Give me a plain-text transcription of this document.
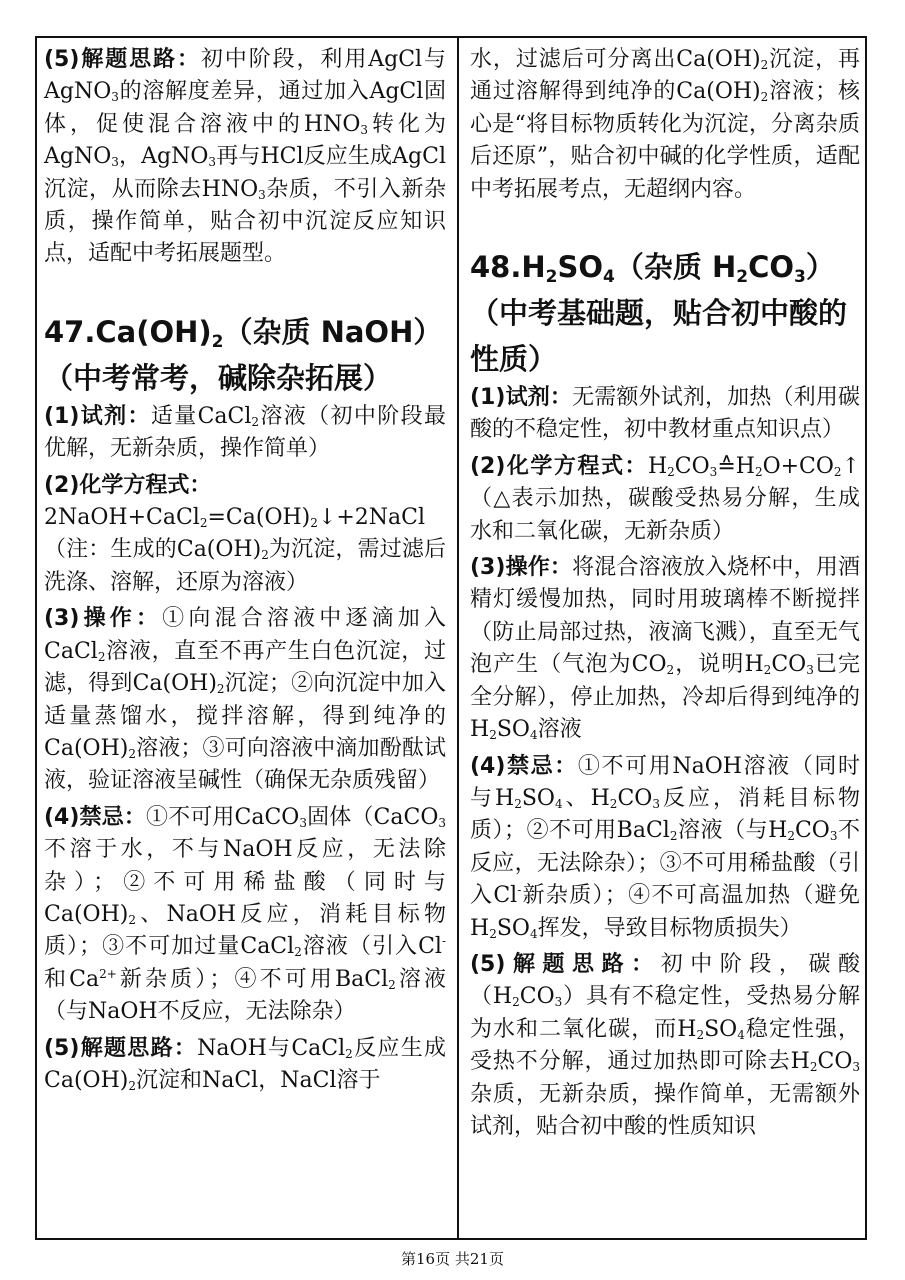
(5)解题思路：初中阶段，利用AgCl与AgNO$_3$的溶解度差异，通过加入AgCl固体，促使混合溶液中的$HNO_3$转化为AgNO$_3$，AgNO$_3$再与HCl反应生成AgCl沉淀，从而除去$HNO_3$杂质，不引入新杂质，操作简单，贴合初中沉淀反应知识点，适配中考拓展题型。

$47.Ca(OH)_2$（杂质 NaOH）
（中考常考，碱除杂拓展）

(1)试剂：适量CaCl$_2$溶液（初中阶段最优解，无新杂质，操作简单）

(2)化学方程式：
$2NaOH+CaCl_2=Ca(OH)_2↓+2NaCl$（注：生成的$Ca(OH)_2$为沉淀，需过滤后洗涤、溶解，还原为溶液）

(3)操作：①向混合溶液中逐滴加入CaCl$_2$溶液，直至不再产生白色沉淀，过滤，得到$Ca(OH)_2$沉淀；②向沉淀中加入适量蒸馏水，搅拌溶解，得到纯净的$Ca(OH)_2$溶液；③可向溶液中滴加酚酞试液，验证溶液呈碱性（确保无杂质残留）

(4)禁忌：①不可用CaCO$_3$固体（CaCO$_3$不溶于水，不与NaOH反应，无法除杂）；②不可用稀盐酸（同时与$Ca(OH)_2$、NaOH反应，消耗目标物质）；③不可加过量CaCl$_2$溶液（引入Cl-和$Ca^{2+}$新杂质）；④不可用BaCl$_2$溶液（与NaOH不反应，无法除杂）

(5)解题思路：NaOH与CaCl$_2$反应生成$Ca(OH)_2$沉淀和NaCl，NaCl溶于

水，过滤后可分离出$Ca(OH)_2$沉淀，再通过溶解得到纯净的$Ca(OH)_2$溶液；核心是“将目标物质转化为沉淀，分离杂质后还原”，贴合初中碱的化学性质，适配中考拓展考点，无超纲内容。

$48.H_2SO_4$（杂质 $H_2CO_3$）（中考基础题，贴合初中酸的性质）

(1)试剂：无需额外试剂，加热（利用碳酸的不稳定性，初中教材重点知识点）

(2)化学方程式：$H_2CO_3≙H_2O+CO_2↑(\triangle$表示加热，碳酸受热易分解，生成水和二氧化碳，无新杂质）

(3)操作：将混合溶液放入烧杯中，用酒精灯缓慢加热，同时用玻璃棒不断搅拌（防止局部过热，液滴飞溅），直至无气泡产生（气泡为$CO_2$，说明$H_2CO_3$已完全分解），停止加热，冷却后得到纯净的$H_2SO_4$溶液

(4)禁忌：①不可用NaOH溶液（同时与$H_2SO_4$、$H_2CO_3$反应，消耗目标物质）；②不可用BaCl$_2$溶液（与$H_2CO_3$不反应，无法除杂）；③不可用稀盐酸（引入Cl-新杂质）；④不可高温加热（避免$H_2SO_4$挥发，导致目标物质损失）

(5)解题思路：初中阶段，碳酸$(H_2CO_3)$具有不稳定性，受热易分解为水和二氧化碳，而$H_2SO_4$稳定性强，受热不分解，通过加热即可除去$H_2CO_3$杂质，无新杂质，操作简单，无需额外试剂，贴合初中酸的性质知识

第16页 共21页
